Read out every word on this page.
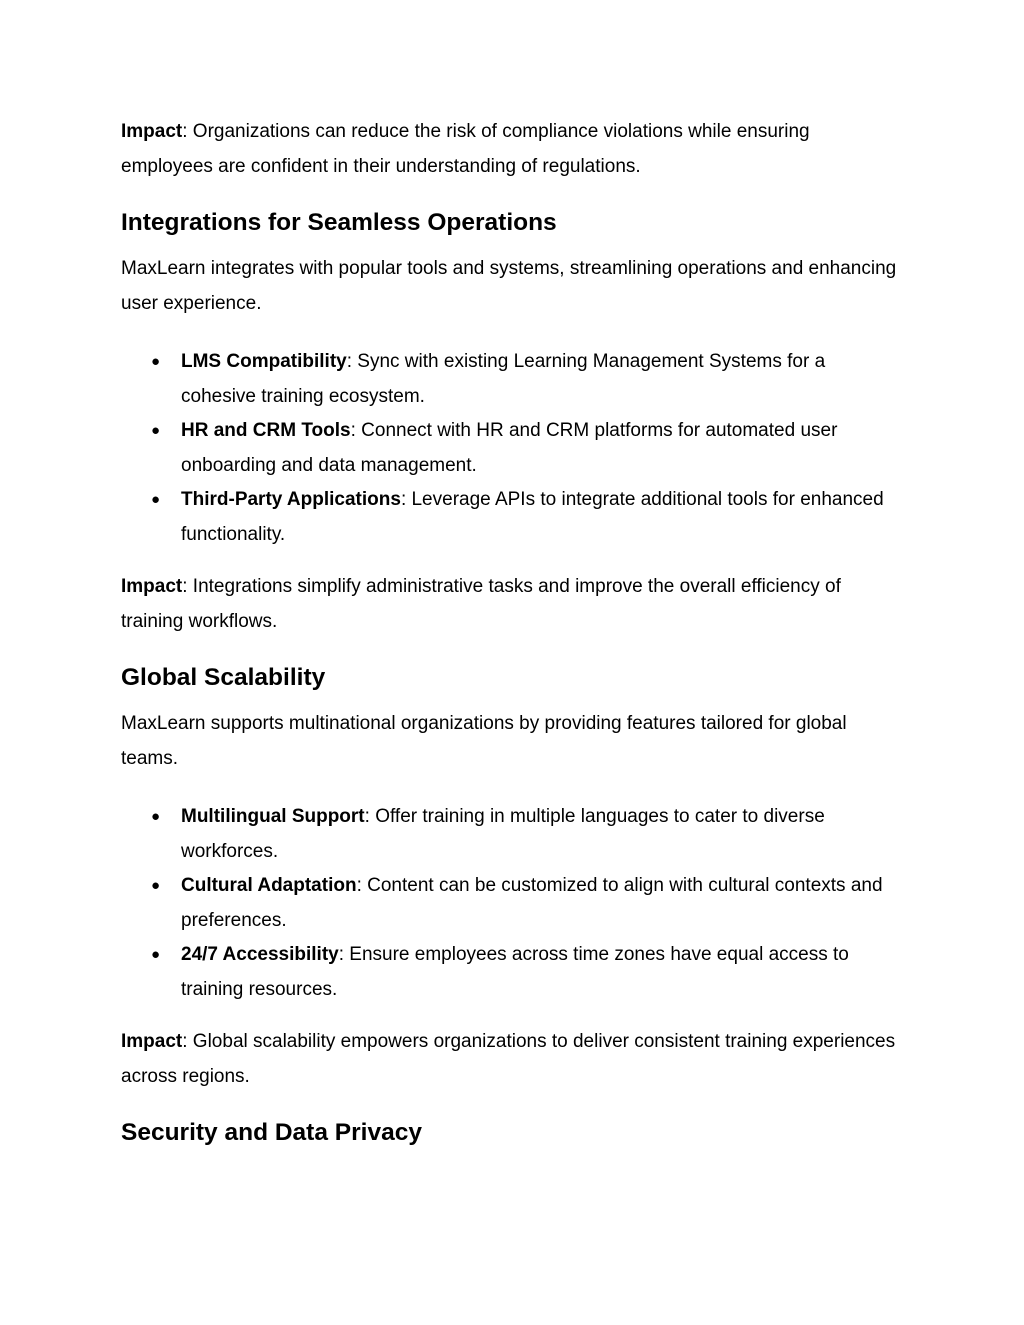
Impact: Organizations can reduce the risk of compliance violations while ensuring employees are confident in their understanding of regulations.

Integrations for Seamless Operations

MaxLearn integrates with popular tools and systems, streamlining operations and enhancing user experience.

● LMS Compatibility: Sync with existing Learning Management Systems for a cohesive training ecosystem.
● HR and CRM Tools: Connect with HR and CRM platforms for automated user onboarding and data management.
● Third-Party Applications: Leverage APIs to integrate additional tools for enhanced functionality.

Impact: Integrations simplify administrative tasks and improve the overall efficiency of training workflows.

Global Scalability

MaxLearn supports multinational organizations by providing features tailored for global teams.

● Multilingual Support: Offer training in multiple languages to cater to diverse workforces.
● Cultural Adaptation: Content can be customized to align with cultural contexts and preferences.
● 24/7 Accessibility: Ensure employees across time zones have equal access to training resources.

Impact: Global scalability empowers organizations to deliver consistent training experiences across regions.

Security and Data Privacy
